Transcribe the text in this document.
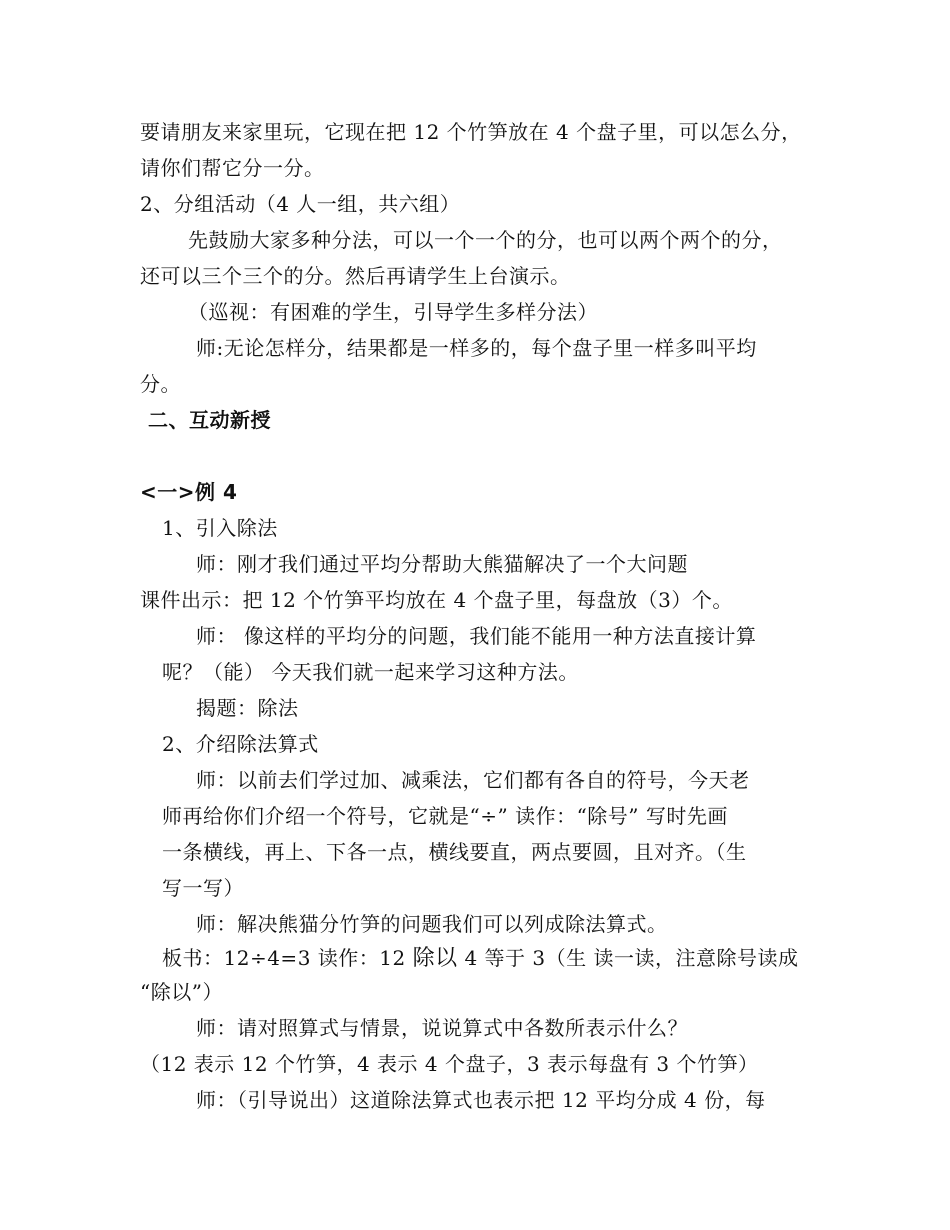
要请朋友来家里玩，它现在把 12 个竹笋放在 4 个盘子里，可以怎么分，
请你们帮它分一分。
2、分组活动（4 人一组，共六组）
先鼓励大家多种分法，可以一个一个的分，也可以两个两个的分，
还可以三个三个的分。然后再请学生上台演示。
（巡视：有困难的学生，引导学生多样分法）
师:无论怎样分，结果都是一样多的，每个盘子里一样多叫平均
分。
二、互动新授
<一>例 4
1、引入除法
师：刚才我们通过平均分帮助大熊猫解决了一个大问题
课件出示：把 12 个竹笋平均放在 4 个盘子里，每盘放（3）个。
师： 像这样的平均分的问题，我们能不能用一种方法直接计算
呢？（能） 今天我们就一起来学习这种方法。
揭题：除法
2、介绍除法算式
师：以前去们学过加、减乘法，它们都有各自的符号，今天老
师再给你们介绍一个符号，它就是“÷” 读作：“除号” 写时先画
一条横线，再上、下各一点，横线要直，两点要圆，且对齐。（生
写一写）
师：解决熊猫分竹笋的问题我们可以列成除法算式。
板书：12÷4=3 读作：12 除以 4 等于 3（生 读一读，注意除号读成
“除以”）
师：请对照算式与情景，说说算式中各数所表示什么？
（12 表示 12 个竹笋，4 表示 4 个盘子，3 表示每盘有 3 个竹笋）
师：（引导说出）这道除法算式也表示把 12 平均分成 4 份，每
